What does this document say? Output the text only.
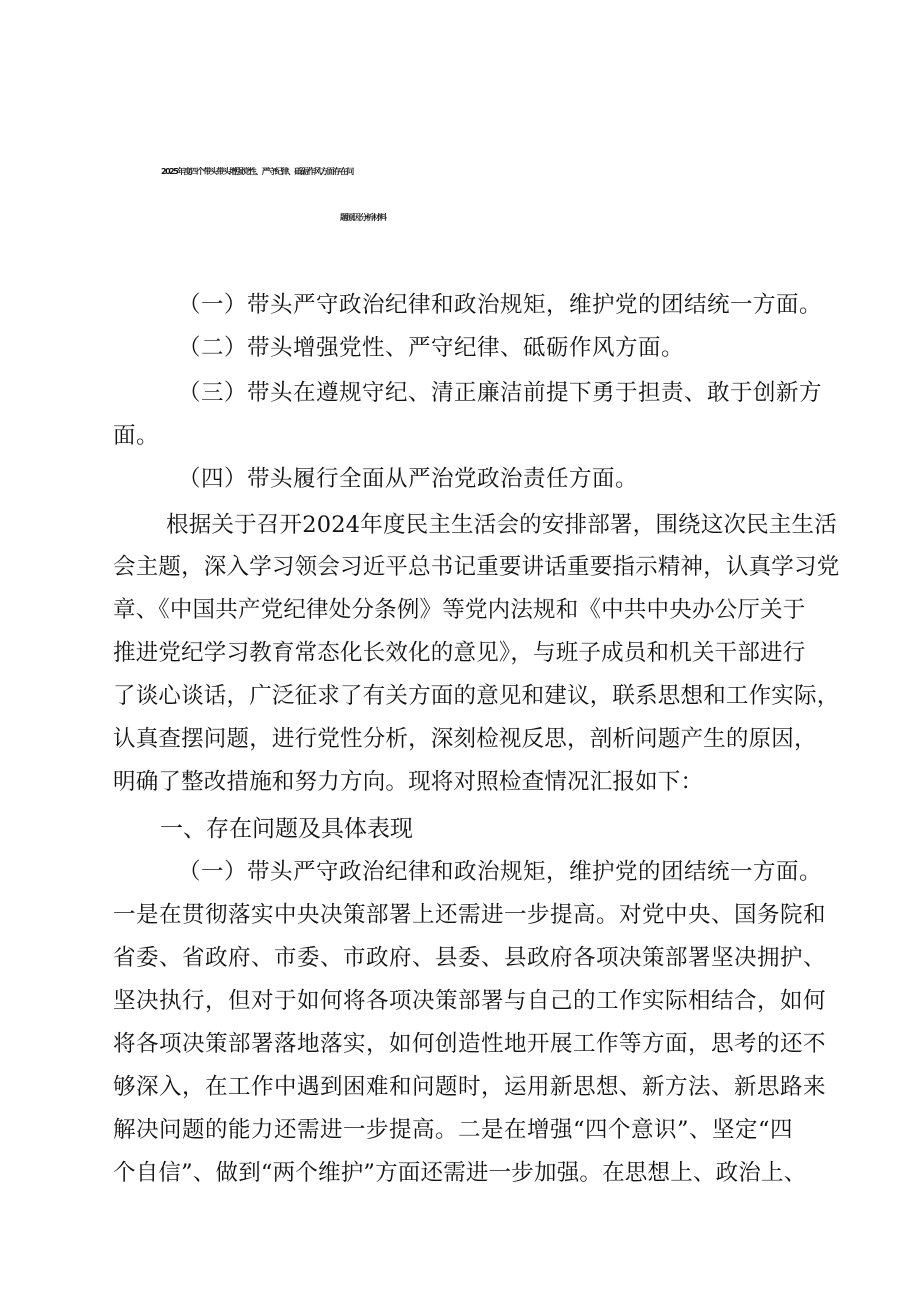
2025年度四个带头带头增强党性、严守纪律、砥砺作风方面存在问
题原因分析材料
（一）带头严守政治纪律和政治规矩，维护党的团结统一方面。
（二）带头增强党性、严守纪律、砥砺作风方面。
（三）带头在遵规守纪、清正廉洁前提下勇于担责、敢于创新方
面。
（四）带头履行全面从严治党政治责任方面。
根据关于召开2024年度民主生活会的安排部署，围绕这次民主生活
会主题，深入学习领会习近平总书记重要讲话重要指示精神，认真学习党
章、《中国共产党纪律处分条例》等党内法规和《中共中央办公厅关于
推进党纪学习教育常态化长效化的意见》，与班子成员和机关干部进行
了谈心谈话，广泛征求了有关方面的意见和建议，联系思想和工作实际，
认真查摆问题，进行党性分析，深刻检视反思，剖析问题产生的原因，
明确了整改措施和努力方向。现将对照检查情况汇报如下：
一、存在问题及具体表现
（一）带头严守政治纪律和政治规矩，维护党的团结统一方面。
一是在贯彻落实中央决策部署上还需进一步提高。对党中央、国务院和
省委、省政府、市委、市政府、县委、县政府各项决策部署坚决拥护、
坚决执行，但对于如何将各项决策部署与自己的工作实际相结合，如何
将各项决策部署落地落实，如何创造性地开展工作等方面，思考的还不
够深入，在工作中遇到困难和问题时，运用新思想、新方法、新思路来
解决问题的能力还需进一步提高。二是在增强“四个意识”、坚定“四
个自信”、做到“两个维护”方面还需进一步加强。在思想上、政治上、
